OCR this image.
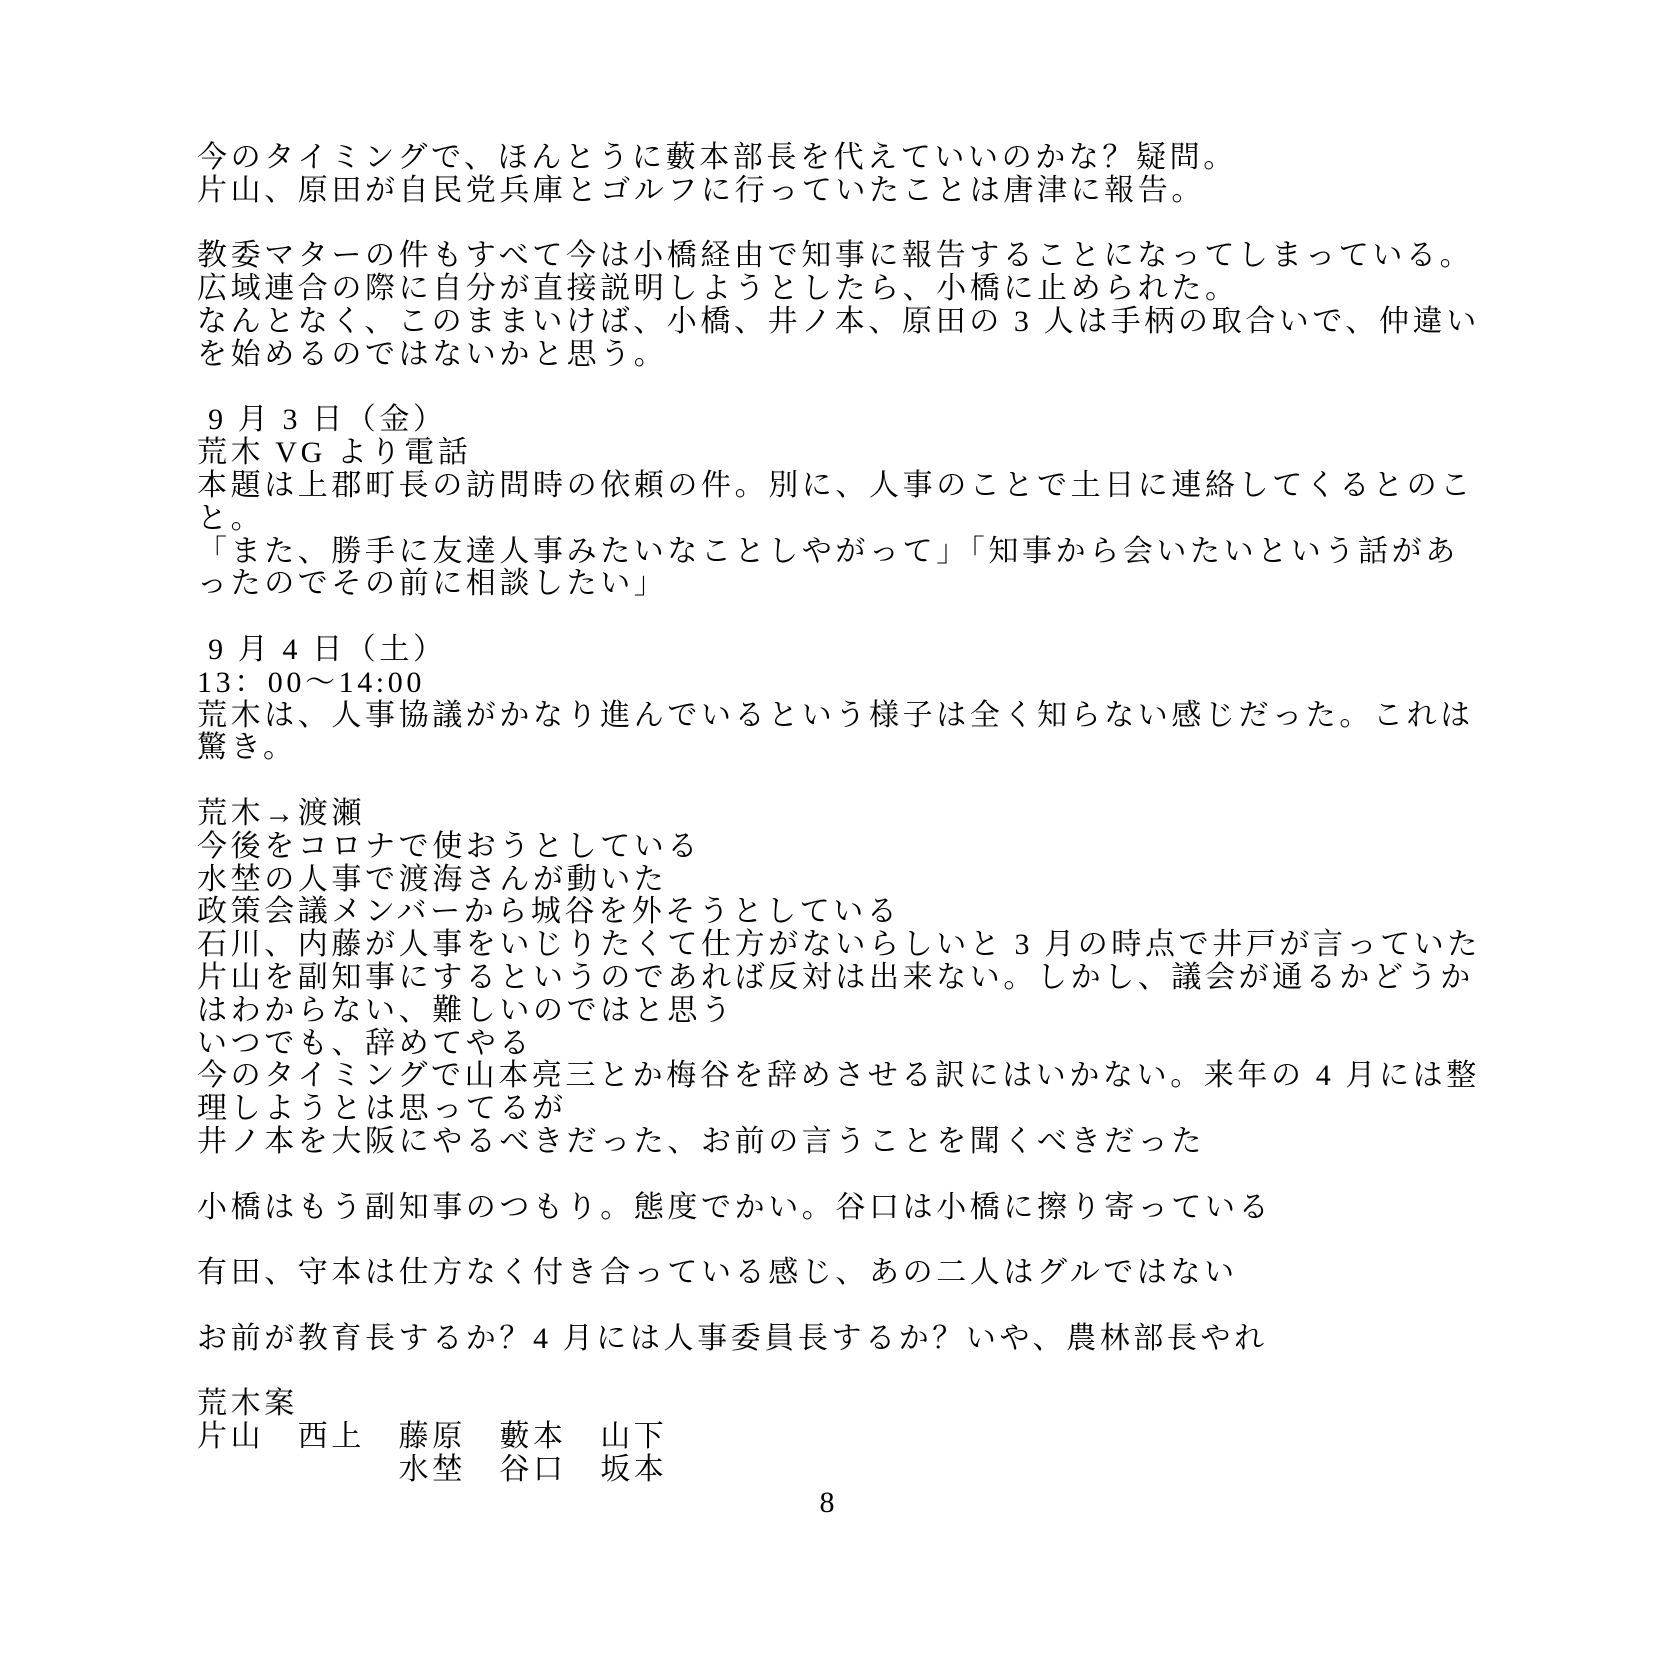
今のタイミングで、ほんとうに藪本部長を代えていいのかな？疑問。
片山、原田が自民党兵庫とゴルフに行っていたことは唐津に報告。
教委マターの件もすべて今は小橋経由で知事に報告することになってしまっている。
広域連合の際に自分が直接説明しようとしたら、小橋に止められた。
なんとなく、このままいけば、小橋、井ノ本、原田の 3 人は手柄の取合いで、仲違い
を始めるのではないかと思う。
9 月 3 日（金）
荒木 VG より電話
本題は上郡町長の訪問時の依頼の件。別に、人事のことで土日に連絡してくるとのこ
と。
「また、勝手に友達人事みたいなことしやがって」「知事から会いたいという話があ
ったのでその前に相談したい」
9 月 4 日（土）
13：00～14:00
荒木は、人事協議がかなり進んでいるという様子は全く知らない感じだった。これは
驚き。
荒木→渡瀬
今後をコロナで使おうとしている
水埜の人事で渡海さんが動いた
政策会議メンバーから城谷を外そうとしている
石川、内藤が人事をいじりたくて仕方がないらしいと 3 月の時点で井戸が言っていた
片山を副知事にするというのであれば反対は出来ない。しかし、議会が通るかどうか
はわからない、難しいのではと思う
いつでも、辞めてやる
今のタイミングで山本亮三とか梅谷を辞めさせる訳にはいかない。来年の 4 月には整
理しようとは思ってるが
井ノ本を大阪にやるべきだった、お前の言うことを聞くべきだった
小橋はもう副知事のつもり。態度でかい。谷口は小橋に擦り寄っている
有田、守本は仕方なく付き合っている感じ、あの二人はグルではない
お前が教育長するか？4 月には人事委員長するか？いや、農林部長やれ
荒木案
片山　西上　藤原　藪本　山下
　　　　　　水埜　谷口　坂本
8
